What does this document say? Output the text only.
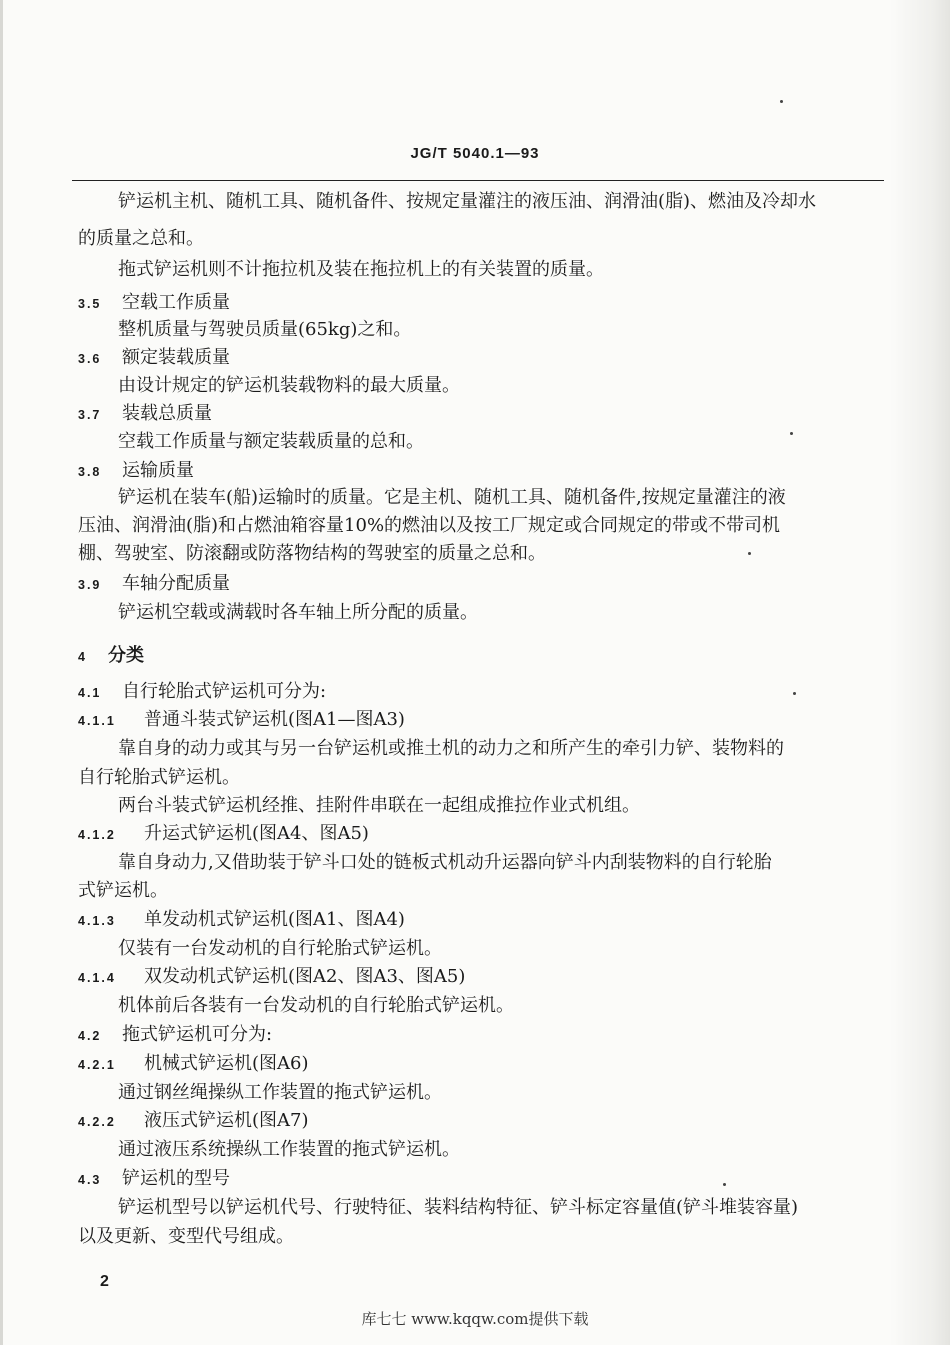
JG/T 5040.1—93
铲运机主机、随机工具、随机备件、按规定量灌注的液压油、润滑油(脂)、燃油及冷却水
的质量之总和。
拖式铲运机则不计拖拉机及装在拖拉机上的有关装置的质量。
3.5 空载工作质量
整机质量与驾驶员质量(65kg)之和。
3.6 额定装载质量
由设计规定的铲运机装载物料的最大质量。
3.7 装载总质量
空载工作质量与额定装载质量的总和。
3.8 运输质量
铲运机在装车(船)运输时的质量。它是主机、随机工具、随机备件,按规定量灌注的液
压油、润滑油(脂)和占燃油箱容量10%的燃油以及按工厂规定或合同规定的带或不带司机
棚、驾驶室、防滚翻或防落物结构的驾驶室的质量之总和。
3.9 车轴分配质量
铲运机空载或满载时各车轴上所分配的质量。
4 分类
4.1 自行轮胎式铲运机可分为:
4.1.1 普通斗装式铲运机(图A1—图A3)
靠自身的动力或其与另一台铲运机或推土机的动力之和所产生的牵引力铲、装物料的
自行轮胎式铲运机。
两台斗装式铲运机经推、挂附件串联在一起组成推拉作业式机组。
4.1.2 升运式铲运机(图A4、图A5)
靠自身动力,又借助装于铲斗口处的链板式机动升运器向铲斗内刮装物料的自行轮胎
式铲运机。
4.1.3 单发动机式铲运机(图A1、图A4)
仅装有一台发动机的自行轮胎式铲运机。
4.1.4 双发动机式铲运机(图A2、图A3、图A5)
机体前后各装有一台发动机的自行轮胎式铲运机。
4.2 拖式铲运机可分为:
4.2.1 机械式铲运机(图A6)
通过钢丝绳操纵工作装置的拖式铲运机。
4.2.2 液压式铲运机(图A7)
通过液压系统操纵工作装置的拖式铲运机。
4.3 铲运机的型号
铲运机型号以铲运机代号、行驶特征、装料结构特征、铲斗标定容量值(铲斗堆装容量)
以及更新、变型代号组成。
2
库七七 www.kqqw.com提供下载
